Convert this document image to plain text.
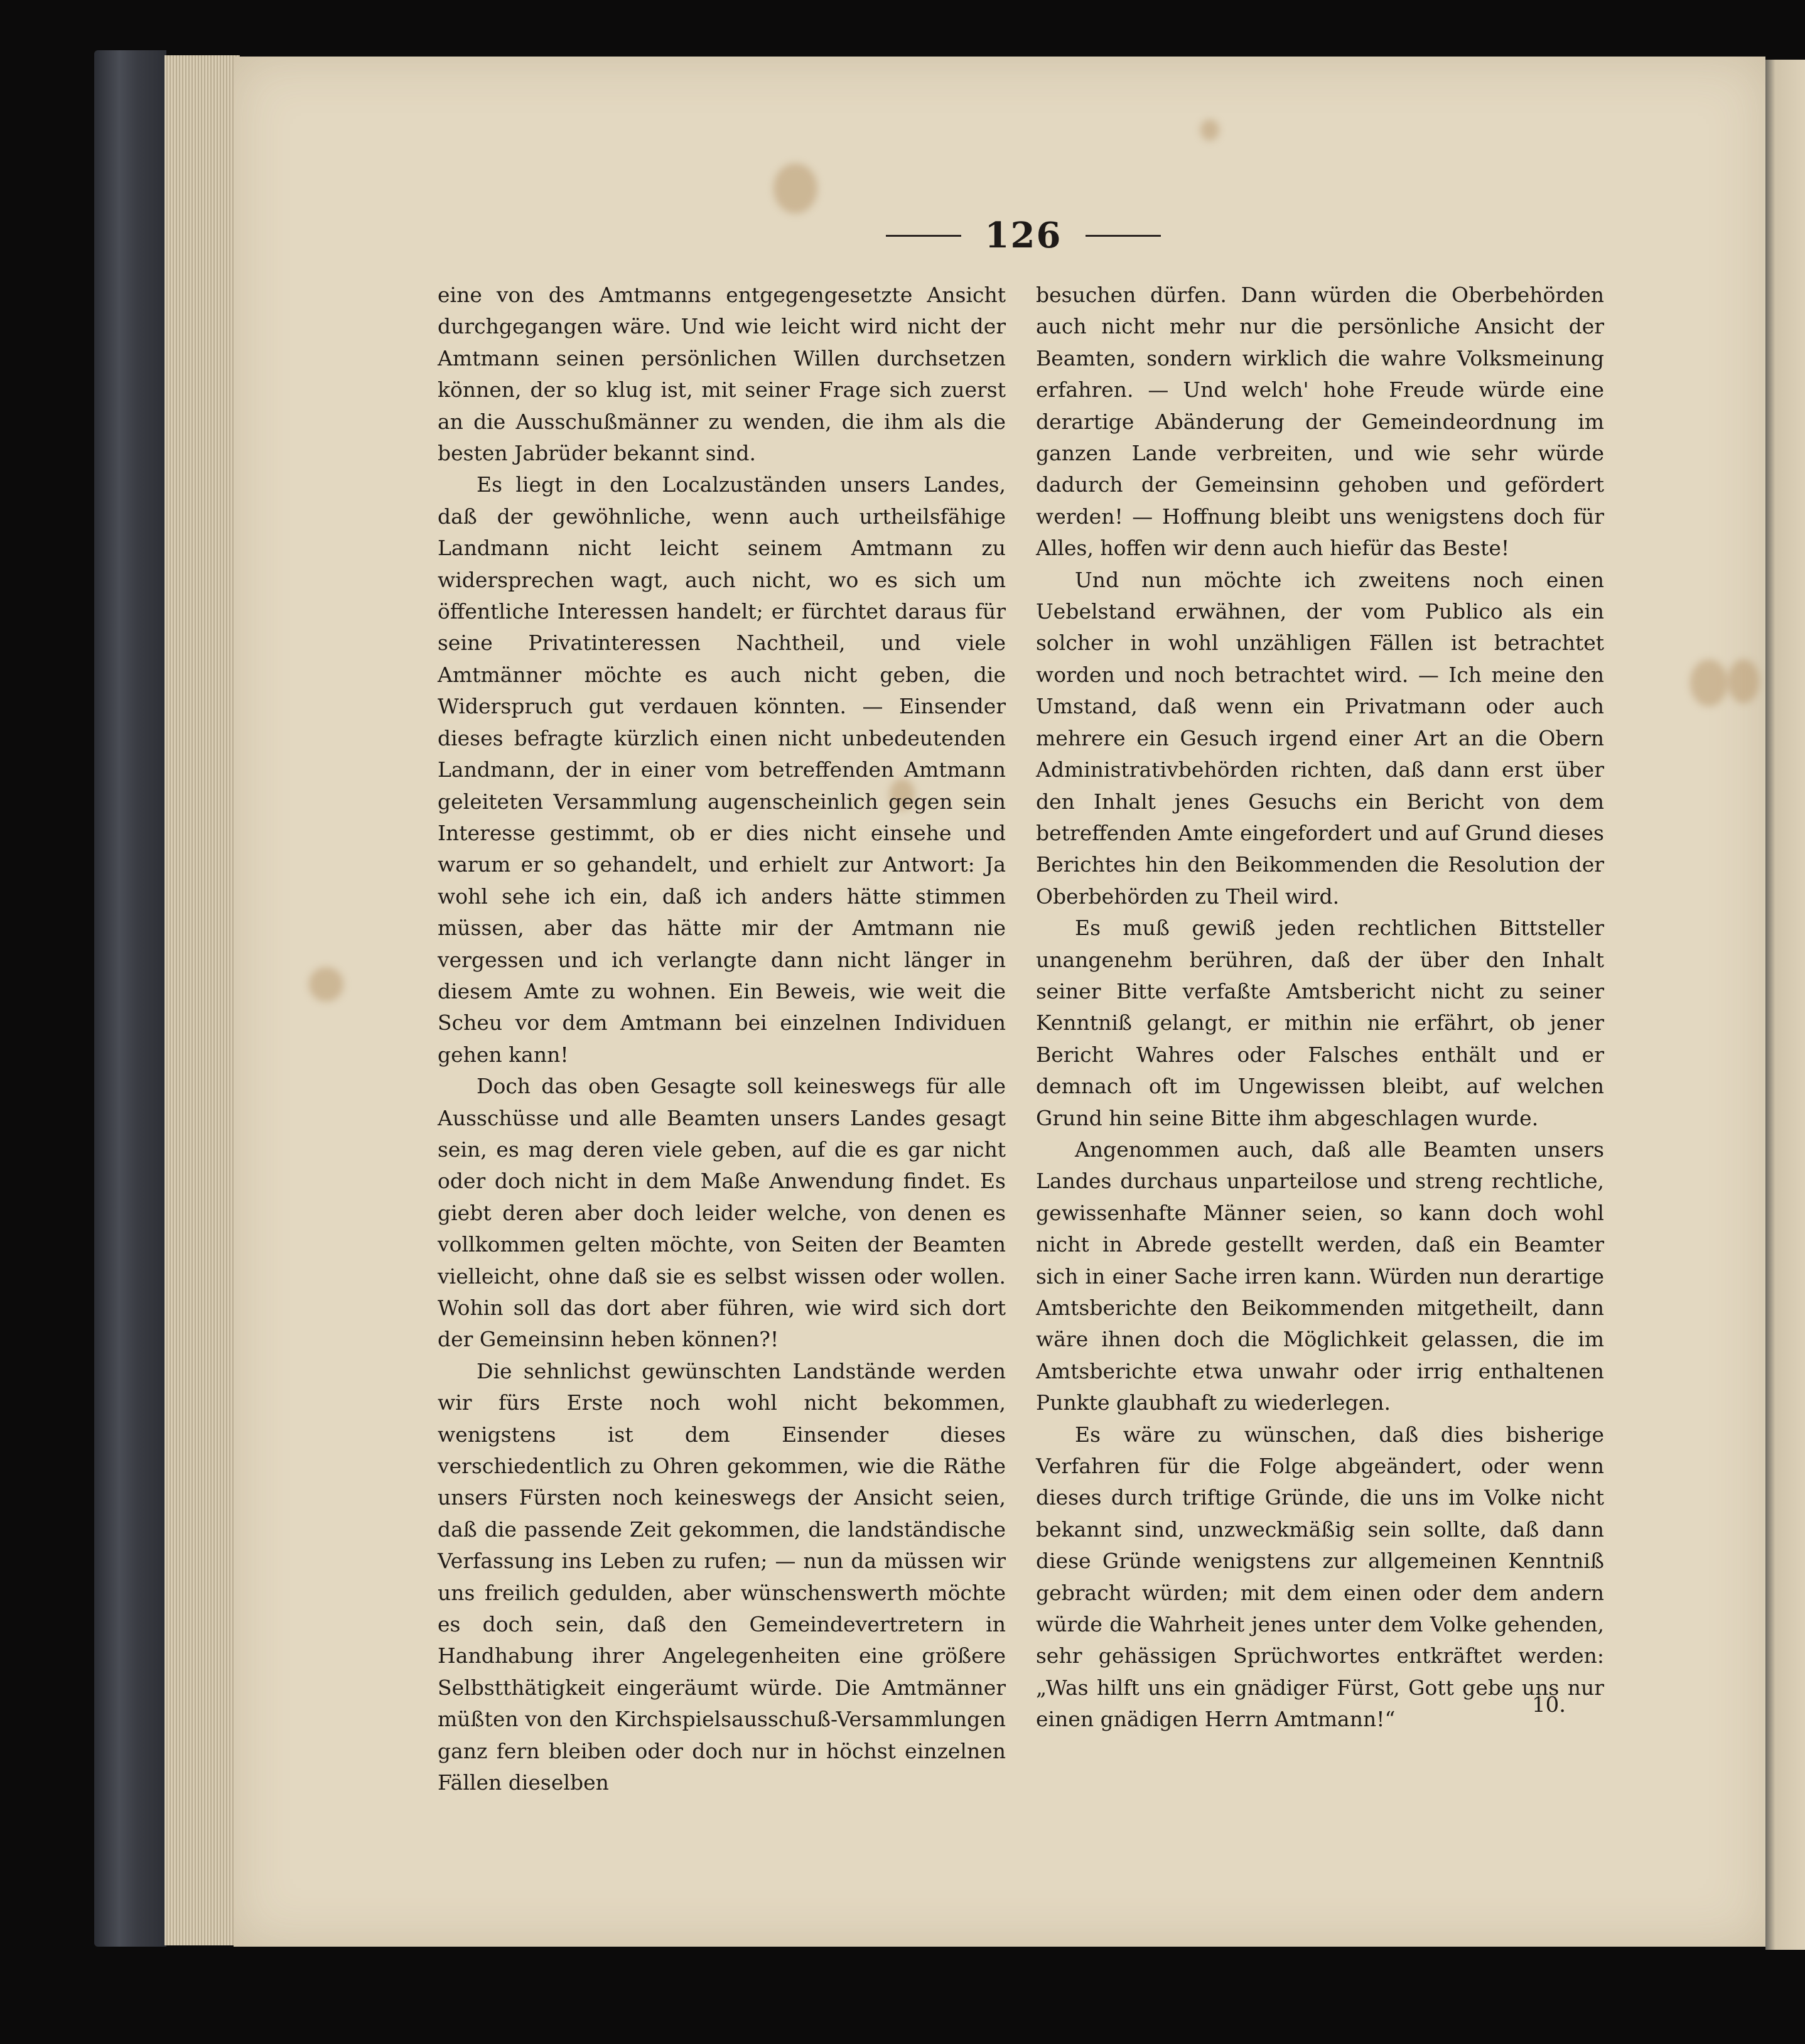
126

eine von des Amtmanns entgegengesetzte Ansicht durchgegangen wäre. Und wie leicht wird nicht der Amtmann seinen persönlichen Willen durchsetzen können, der so klug ist, mit seiner Frage sich zuerst an die Ausschußmänner zu wenden, die ihm als die besten Jabrüder bekannt sind.

Es liegt in den Localzuständen unsers Landes, daß der gewöhnliche, wenn auch urtheilsfähige Landmann nicht leicht seinem Amtmann zu widersprechen wagt, auch nicht, wo es sich um öffentliche Interessen handelt; er fürchtet daraus für seine Privatinteressen Nachtheil, und viele Amtmänner möchte es auch nicht geben, die Widerspruch gut verdauen könnten. — Einsender dieses befragte kürzlich einen nicht unbedeutenden Landmann, der in einer vom betreffenden Amtmann geleiteten Versammlung augenscheinlich gegen sein Interesse gestimmt, ob er dies nicht einsehe und warum er so gehandelt, und erhielt zur Antwort: Ja wohl sehe ich ein, daß ich anders hätte stimmen müssen, aber das hätte mir der Amtmann nie vergessen und ich verlangte dann nicht länger in diesem Amte zu wohnen. Ein Beweis, wie weit die Scheu vor dem Amtmann bei einzelnen Individuen gehen kann!

Doch das oben Gesagte soll keineswegs für alle Ausschüsse und alle Beamten unsers Landes gesagt sein, es mag deren viele geben, auf die es gar nicht oder doch nicht in dem Maße Anwendung findet. Es giebt deren aber doch leider welche, von denen es vollkommen gelten möchte, von Seiten der Beamten vielleicht, ohne daß sie es selbst wissen oder wollen. Wohin soll das dort aber führen, wie wird sich dort der Gemeinsinn heben können?!

Die sehnlichst gewünschten Landstände werden wir fürs Erste noch wohl nicht bekommen, wenigstens ist dem Einsender dieses verschiedentlich zu Ohren gekommen, wie die Räthe unsers Fürsten noch keineswegs der Ansicht seien, daß die passende Zeit gekommen, die landständische Verfassung ins Leben zu rufen; — nun da müssen wir uns freilich gedulden, aber wünschenswerth möchte es doch sein, daß den Gemeindevertretern in Handhabung ihrer Angelegenheiten eine größere Selbstthätigkeit eingeräumt würde. Die Amtmänner müßten von den Kirchspielsausschuß-Versammlungen ganz fern bleiben oder doch nur in höchst einzelnen Fällen dieselben

besuchen dürfen. Dann würden die Oberbehörden auch nicht mehr nur die persönliche Ansicht der Beamten, sondern wirklich die wahre Volksmeinung erfahren. — Und welch' hohe Freude würde eine derartige Abänderung der Gemeindeordnung im ganzen Lande verbreiten, und wie sehr würde dadurch der Gemeinsinn gehoben und gefördert werden! — Hoffnung bleibt uns wenigstens doch für Alles, hoffen wir denn auch hiefür das Beste!

Und nun möchte ich zweitens noch einen Uebelstand erwähnen, der vom Publico als ein solcher in wohl unzähligen Fällen ist betrachtet worden und noch betrachtet wird. — Ich meine den Umstand, daß wenn ein Privatmann oder auch mehrere ein Gesuch irgend einer Art an die Obern Administrativbehörden richten, daß dann erst über den Inhalt jenes Gesuchs ein Bericht von dem betreffenden Amte eingefordert und auf Grund dieses Berichtes hin den Beikommenden die Resolution der Oberbehörden zu Theil wird.

Es muß gewiß jeden rechtlichen Bittsteller unangenehm berühren, daß der über den Inhalt seiner Bitte verfaßte Amtsbericht nicht zu seiner Kenntniß gelangt, er mithin nie erfährt, ob jener Bericht Wahres oder Falsches enthält und er demnach oft im Ungewissen bleibt, auf welchen Grund hin seine Bitte ihm abgeschlagen wurde.

Angenommen auch, daß alle Beamten unsers Landes durchaus unparteilose und streng rechtliche, gewissenhafte Männer seien, so kann doch wohl nicht in Abrede gestellt werden, daß ein Beamter sich in einer Sache irren kann. Würden nun derartige Amtsberichte den Beikommenden mitgetheilt, dann wäre ihnen doch die Möglichkeit gelassen, die im Amtsberichte etwa unwahr oder irrig enthaltenen Punkte glaubhaft zu wiederlegen.

Es wäre zu wünschen, daß dies bisherige Verfahren für die Folge abgeändert, oder wenn dieses durch triftige Gründe, die uns im Volke nicht bekannt sind, unzweckmäßig sein sollte, daß dann diese Gründe wenigstens zur allgemeinen Kenntniß gebracht würden; mit dem einen oder dem andern würde die Wahrheit jenes unter dem Volke gehenden, sehr gehässigen Sprüchwortes entkräftet werden: „Was hilft uns ein gnädiger Fürst, Gott gebe uns nur einen gnädigen Herrn Amtmann!“

10.
